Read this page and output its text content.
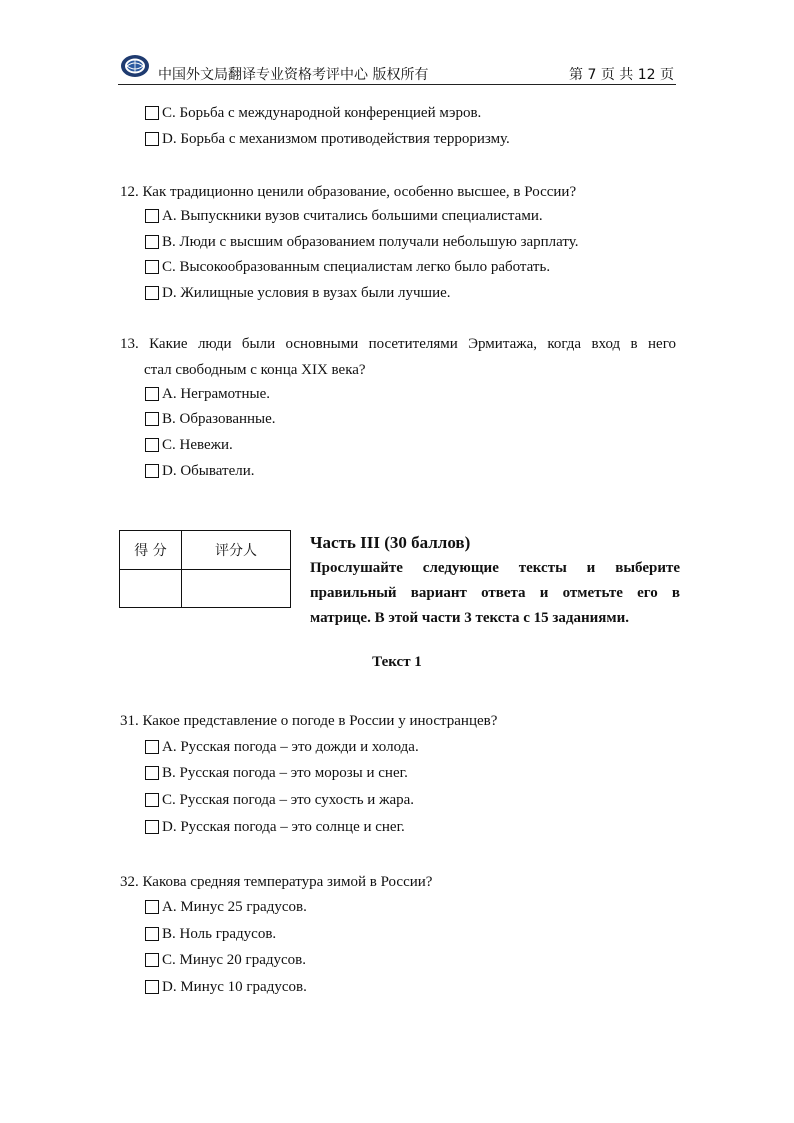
中国外文局翻译专业资格考评中心 版权所有	第 7 页 共 12 页
C. Борьба с международной конференцией мэров.
D. Борьба с механизмом противодействия терроризму.
12. Как традиционно ценили образование, особенно высшее, в России?
A. Выпускники вузов считались большими специалистами.
B. Люди с высшим образованием получали небольшую зарплату.
C. Высокообразованным специалистам легко было работать.
D. Жилищные условия в вузах были лучшие.
13. Какие люди были основными посетителями Эрмитажа, когда вход в него
стал свободным с конца XIX века?
A. Неграмотные.
B. Образованные.
C. Невежи.
D. Обыватели.
得 分	评分人
		Часть III (30 баллов)
Прослушайте следующие тексты и выберите правильный вариант ответа и отметьте его в матрице. В этой части 3 текста с 15 заданиями.
Текст 1
31. Какое представление о погоде в России у иностранцев?
A. Русская погода – это дожди и холода.
B. Русская погода – это морозы и снег.
C. Русская погода – это сухость и жара.
D. Русская погода – это солнце и снег.
32. Какова средняя температура зимой в России?
A. Минус 25 градусов.
B. Ноль градусов.
C. Минус 20 градусов.
D. Минус 10 градусов.
